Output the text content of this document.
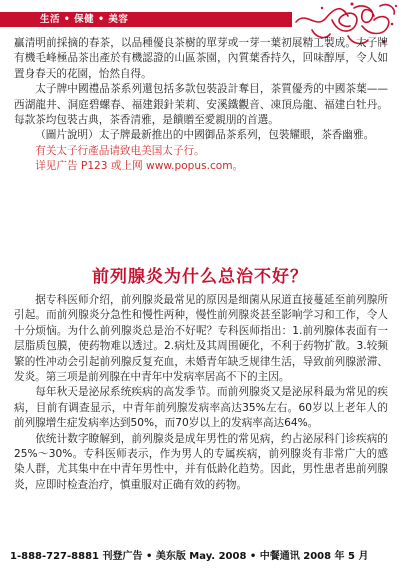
生活 • 保健 • 美容

贏清明前採摘的春茶，以品種優良茶樹的單芽或一芽一葉初展精工製成。太子牌有機毛峰極品茶出產於有機認證的山區茶園，內質葉香持久，回味醇厚，令人如置身春天的花園，怡然自得。

太子牌中國禮品茶系列還包括多款包裝設計奪目，茶質優秀的中國茶葉——西湖龍井、洞庭碧螺春、福建銀針茉莉、安溪鐵觀音、凍頂烏龍、福建白牡丹。每款茶均包裝古典，茶香清雅，是饋贈至愛親朋的首選。

（圖片說明）太子牌最新推出的中國御品茶系列，包裝耀眼，茶香幽雅。

有关太子行產品请致电美国太子行。

详见广告 P123 或上网 www.popus.com。

前列腺炎为什么总治不好？

据专科医师介绍，前列腺炎最常见的原因是细菌从尿道直接蔓延至前列腺所引起。而前列腺炎分急性和慢性两种，慢性前列腺炎甚至影响学习和工作，令人十分烦恼。为什么前列腺炎总是治不好呢？专科医师指出：1.前列腺体表面有一层脂质包膜，使药物难以透过。2.病灶及其周围硬化，不利于药物扩散。3.较频繁的性冲动会引起前列腺反复充血，未婚青年缺乏规律生活，导致前列腺淤滞、发炎。第三项是前列腺在中青年中发病率居高不下的主因。

每年秋天是泌尿系统疾病的高发季节。而前列腺炎又是泌尿科最为常见的疾病，目前有调查显示，中青年前列腺发病率高达35%左右。60岁以上老年人的前列腺增生症发病率达到50%，而70岁以上的发病率高达64%。

依统计数字瞭解到，前列腺炎是成年男性的常见病，约占泌尿科门诊疾病的25%～30%。专科医师表示，作为男人的专属疾病，前列腺炎有非常广大的感染人群，尤其集中在中青年男性中，并有低龄化趋势。因此，男性患者患前列腺炎，应即时检查治疗，慎重服对正确有效的药物。

1-888-727-8881 刊登广告 • 美东版 May. 2008 • 中餐通讯 2008 年 5 月
